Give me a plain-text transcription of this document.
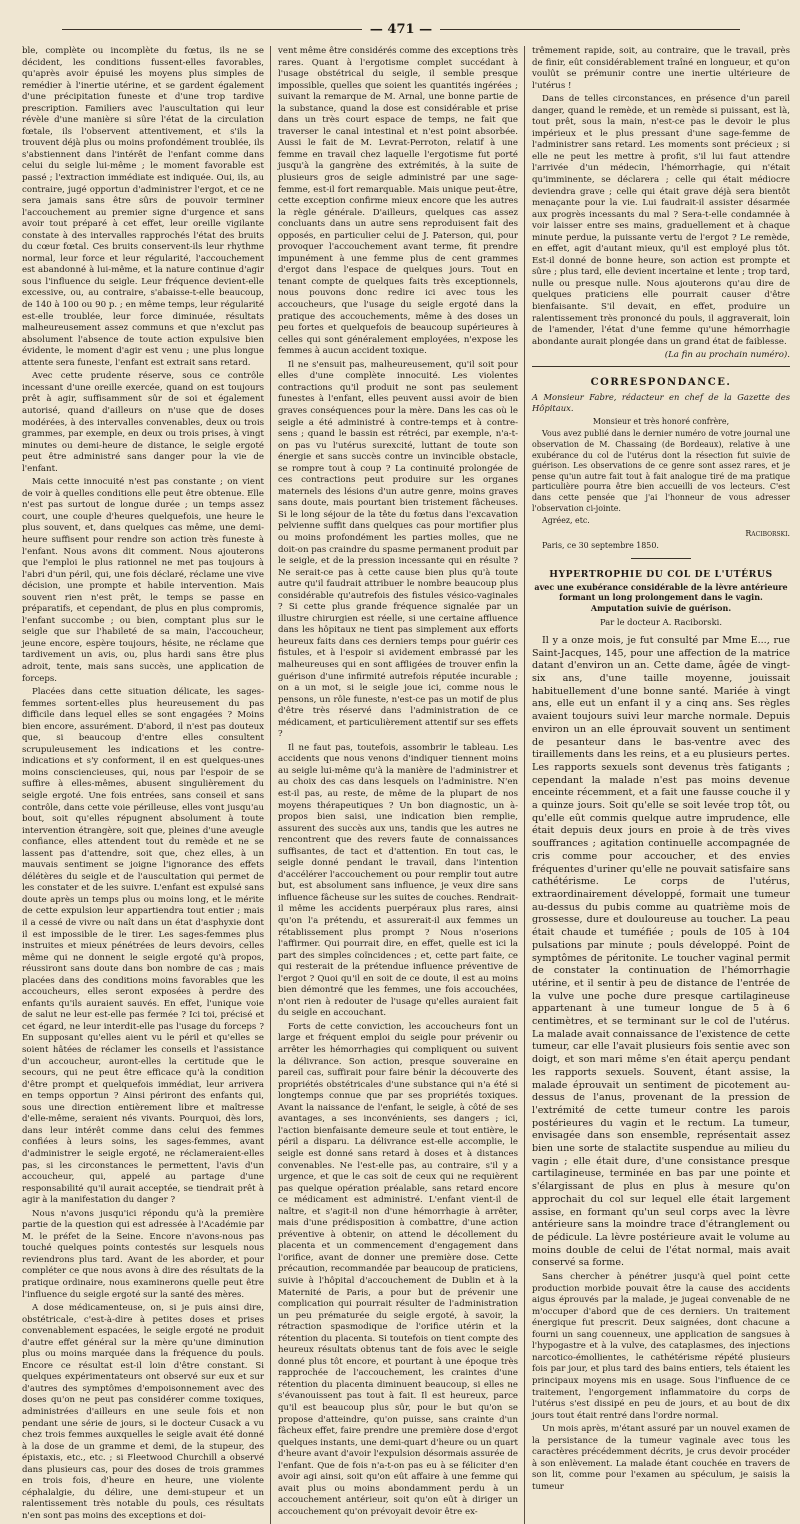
— 471 —

ble, complète ou incomplète du fœtus, ils ne se décident, les conditions fussent-elles favorables, qu'après avoir épuisé les moyens plus simples de remédier à l'inertie utérine, et se gardent également d'une précipitation funeste et d'une trop tardive prescription. Familiers avec l'auscultation qui leur révèle d'une manière si sûre l'état de la circulation fœtale, ils l'observent attentivement, et s'ils la trouvent déjà plus ou moins profondément troublée, ils s'abstiennent dans l'intérêt de l'enfant comme dans celui du seigle lui-même ; le moment favorable est passé ; l'extraction immédiate est indiquée. Oui, ils, au contraire, jugé opportun d'administrer l'ergot, et ce ne sera jamais sans être sûrs de pouvoir terminer l'accouchement au premier signe d'urgence et sans avoir tout préparé à cet effet, leur oreille vigilante constate à des intervalles rapprochés l'état des bruits du cœur fœtal. Ces bruits conservent-ils leur rhythme normal, leur force et leur régularité, l'accouchement est abandonné à lui-même, et la nature continue d'agir sous l'influence du seigle. Leur fréquence devient-elle excessive, ou, au contraire, s'abaisse-t-elle beaucoup, de 140 à 100 ou 90 p. ; en même temps, leur régularité est-elle troublée, leur force diminuée, résultats malheureusement assez communs et que n'exclut pas absolument l'absence de toute action expulsive bien évidente, le moment d'agir est venu ; une plus longue attente sera funeste, l'enfant est extrait sans retard.

Avec cette prudente réserve, sous ce contrôle incessant d'une oreille exercée, quand on est toujours prêt à agir, suffisamment sûr de soi et également autorisé, quand d'ailleurs on n'use que de doses modérées, à des intervalles convenables, deux ou trois grammes, par exemple, en deux ou trois prises, à vingt minutes ou demi-heure de distance, le seigle ergoté peut être administré sans danger pour la vie de l'enfant.

Mais cette innocuité n'est pas constante ; on vient de voir à quelles conditions elle peut être obtenue. Elle n'est pas surtout de longue durée ; un temps assez court, une couple d'heures quelquefois, une heure le plus souvent, et, dans quelques cas même, une demi-heure suffisent pour rendre son action très funeste à l'enfant. Nous avons dit comment. Nous ajouterons que l'emploi le plus rationnel ne met pas toujours à l'abri d'un péril, qui, une fois déclaré, réclame une vive décision, une prompte et habile intervention. Mais souvent rien n'est prêt, le temps se passe en préparatifs, et cependant, de plus en plus compromis, l'enfant succombe ; ou bien, comptant plus sur le seigle que sur l'habileté de sa main, l'accoucheur, jeune encore, espère toujours, hésite, ne réclame que tardivement un avis, ou, plus hardi sans être plus adroit, tente, mais sans succès, une application de forceps.

Placées dans cette situation délicate, les sages-femmes sortent-elles plus heureusement du pas difficile dans lequel elles se sont engagées ? Moins bien encore, assurément. D'abord, il n'est pas douteux que, si beaucoup d'entre elles consultent scrupuleusement les indications et les contre-indications et s'y conforment, il en est quelques-unes moins consciencieuses, qui, nous par l'espoir de se suffire à elles-mêmes, abusent singulièrement du seigle ergoté. Une fois entrées, sans conseil et sans contrôle, dans cette voie périlleuse, elles vont jusqu'au bout, soit qu'elles répugnent absolument à toute intervention étrangère, soit que, pleines d'une aveugle confiance, elles attendent tout du remède et ne se lassent pas d'attendre, soit que, chez elles, à un mauvais sentiment se joigne l'ignorance des effets délétères du seigle et de l'auscultation qui permet de les constater et de les suivre. L'enfant est expulsé sans doute après un temps plus ou moins long, et le mérite de cette expulsion leur appartiendra tout entier ; mais il a cessé de vivre ou naît dans un état d'asphyxie dont il est impossible de le tirer. Les sages-femmes plus instruites et mieux pénétrées de leurs devoirs, celles même qui ne donnent le seigle ergoté qu'à propos, réussiront sans doute dans bon nombre de cas ; mais placées dans des conditions moins favorables que les accoucheurs, elles seront exposées à perdre des enfants qu'ils auraient sauvés. En effet, l'unique voie de salut ne leur est-elle pas fermée ? Ici toi, précisé et cet égard, ne leur interdit-elle pas l'usage du forceps ? En supposant qu'elles aient vu le péril et qu'elles se soient hâtées de réclamer les conseils et l'assistance d'un accoucheur, auront-elles la certitude que le secours, qui ne peut être efficace qu'à la condition d'être prompt et quelquefois immédiat, leur arrivera en temps opportun ? Ainsi périront des enfants qui, sous une direction entièrement libre et maîtresse d'elle-même, seraient nés vivants. Pourquoi, dès lors, dans leur intérêt comme dans celui des femmes confiées à leurs soins, les sages-femmes, avant d'administrer le seigle ergoté, ne réclameraient-elles pas, si les circonstances le permettent, l'avis d'un accoucheur, qui, appelé au partage d'une responsabilité qu'il aurait acceptée, se tiendrait prêt à agir à la manifestation du danger ?

Nous n'avons jusqu'ici répondu qu'à la première partie de la question qui est adressée à l'Académie par M. le préfet de la Seine. Encore n'avons-nous pas touché quelques points contestés sur lesquels nous reviendrons plus tard. Avant de les aborder, et pour compléter ce que nous avons à dire des résultats de la pratique ordinaire, nous examinerons quelle peut être l'influence du seigle ergoté sur la santé des mères.

A dose médicamenteuse, on, si je puis ainsi dire, obstétricale, c'est-à-dire à petites doses et prises convenablement espacées, le seigle ergoté ne produit d'autre effet général sur la mère qu'une diminution plus ou moins marquée dans la fréquence du pouls. Encore ce résultat est-il loin d'être constant. Si quelques expérimentateurs ont observé sur eux et sur d'autres des symptômes d'empoisonnement avec des doses qu'on ne peut pas considérer comme toxiques, administrées d'ailleurs en une seule fois et non pendant une série de jours, si le docteur Cusack a vu chez trois femmes auxquelles le seigle avait été donné à la dose de un gramme et demi, de la stupeur, des épistaxis, etc., etc. ; si Fleetwood Churchill a observé dans plusieurs cas, pour des doses de trois grammes en trois fois, d'heure en heure, une violente céphalalgie, du délire, une demi-stupeur et un ralentissement très notable du pouls, ces résultats n'en sont pas moins des exceptions et doi-

vent même être considérés comme des exceptions très rares. Quant à l'ergotisme complet succédant à l'usage obstétrical du seigle, il semble presque impossible, quelles que soient les quantités ingérées ; suivant la remarque de M. Arnal, une bonne partie de la substance, quand la dose est considérable et prise dans un très court espace de temps, ne fait que traverser le canal intestinal et n'est point absorbée. Aussi le fait de M. Levrat-Perroton, relatif à une femme en travail chez laquelle l'ergotisme fut porté jusqu'à la gangrène des extrémités, à la suite de plusieurs gros de seigle administré par une sage-femme, est-il fort remarquable. Mais unique peut-être, cette exception confirme mieux encore que les autres la règle générale. D'ailleurs, quelques cas assez concluants dans un autre sens reproduisent fait des opposés, en particulier celui de J. Paterson, qui, pour provoquer l'accouchement avant terme, fit prendre impunément à une femme plus de cent grammes d'ergot dans l'espace de quelques jours. Tout en tenant compte de quelques faits très exceptionnels, nous pouvons donc redire ici avec tous les accoucheurs, que l'usage du seigle ergoté dans la pratique des accouchements, même à des doses un peu fortes et quelquefois de beaucoup supérieures à celles qui sont généralement employées, n'expose les femmes à aucun accident toxique.

Il ne s'ensuit pas, malheureusement, qu'il soit pour elles d'une complète innocuité. Les violentes contractions qu'il produit ne sont pas seulement funestes à l'enfant, elles peuvent aussi avoir de bien graves conséquences pour la mère. Dans les cas où le seigle a été administré à contre-temps et à contre-sens ; quand le bassin est rétréci, par exemple, n'a-t-on pas vu l'utérus surexcité, luttant de toute son énergie et sans succès contre un invincible obstacle, se rompre tout à coup ? La continuité prolongée de ces contractions peut produire sur les organes maternels des lésions d'un autre genre, moins graves sans doute, mais pourtant bien tristement fâcheuses. Si le long séjour de la tête du fœtus dans l'excavation pelvienne suffit dans quelques cas pour mortifier plus ou moins profondément les parties molles, que ne doit-on pas craindre du spasme permanent produit par le seigle, et de la pression incessante qui en résulte ? Ne serait-ce pas à cette cause bien plus qu'à toute autre qu'il faudrait attribuer le nombre beaucoup plus considérable qu'autrefois des fistules vésico-vaginales ? Si cette plus grande fréquence signalée par un illustre chirurgien est réelle, si une certaine affluence dans les hôpitaux ne tient pas simplement aux efforts heureux faits dans ces derniers temps pour guérir ces fistules, et à l'espoir si avidement embrassé par les malheureuses qui en sont affligées de trouver enfin la guérison d'une infirmité autrefois réputée incurable ; on a un mot, si le seigle joue ici, comme nous le pensons, un rôle funeste, n'est-ce pas un motif de plus d'être très réservé dans l'administration de ce médicament, et particulièrement attentif sur ses effets ?

Il ne faut pas, toutefois, assombrir le tableau. Les accidents que nous venons d'indiquer tiennent moins au seigle lui-même qu'à la manière de l'administrer et au choix des cas dans lesquels on l'administre. N'en est-il pas, au reste, de même de la plupart de nos moyens thérapeutiques ? Un bon diagnostic, un à-propos bien saisi, une indication bien remplie, assurent des succès aux uns, tandis que les autres ne rencontrent que des revers faute de connaissances suffisantes, de tact et d'attention. En tout cas, le seigle donné pendant le travail, dans l'intention d'accélérer l'accouchement ou pour remplir tout autre but, est absolument sans influence, je veux dire sans influence fâcheuse sur les suites de couches. Rendrait-il même les accidents puerpéraux plus rares, ainsi qu'on l'a prétendu, et assurerait-il aux femmes un rétablissement plus prompt ? Nous n'oserions l'affirmer. Qui pourrait dire, en effet, quelle est ici la part des simples coïncidences ; et, cette part faite, ce qui resterait de la prétendue influence préventive de l'ergot ? Quoi qu'il en soit de ce doute, il est au moins bien démontré que les femmes, une fois accouchées, n'ont rien à redouter de l'usage qu'elles auraient fait du seigle en accouchant.

Forts de cette conviction, les accoucheurs font un large et fréquent emploi du seigle pour prévenir ou arrêter les hémorrhagies qui compliquent ou suivent la délivrance. Son action, presque souveraine en pareil cas, suffirait pour faire bénir la découverte des propriétés obstétricales d'une substance qui n'a été si longtemps connue que par ses propriétés toxiques. Avant la naissance de l'enfant, le seigle, à côté de ses avantages, a ses inconvénients, ses dangers ; ici, l'action bienfaisante demeure seule et tout entière, le péril a disparu. La délivrance est-elle accomplie, le seigle est donné sans retard à doses et à distances convenables. Ne l'est-elle pas, au contraire, s'il y a urgence, et que le cas soit de ceux qui ne requièrent pas quelque opération préalable, sans retard encore ce médicament est administré. L'enfant vient-il de naître, et s'agit-il non d'une hémorrhagie à arrêter, mais d'une prédisposition à combattre, d'une action préventive à obtenir, on attend le décollement du placenta et un commencement d'engagement dans l'orifice, avant de donner une première dose. Cette précaution, recommandée par beaucoup de praticiens, suivie à l'hôpital d'accouchement de Dublin et à la Maternité de Paris, a pour but de prévenir une complication qui pourrait résulter de l'administration un peu prématurée du seigle ergoté, à savoir, la rétraction spasmodique de l'orifice utérin et la rétention du placenta. Si toutefois on tient compte des heureux résultats obtenus tant de fois avec le seigle donné plus tôt encore, et pourtant à une époque très rapprochée de l'accouchement, les craintes d'une rétention du placenta diminuent beaucoup, si elles ne s'évanouissent pas tout à fait. Il est heureux, parce qu'il est beaucoup plus sûr, pour le but qu'on se propose d'atteindre, qu'on puisse, sans crainte d'un fâcheux effet, faire prendre une première dose d'ergot quelques instants, une demi-quart d'heure ou un quart d'heure avant d'avoir l'expulsion désormais assurée de l'enfant. Que de fois n'a-t-on pas eu à se féliciter d'en avoir agi ainsi, soit qu'on eût affaire à une femme qui avait plus ou moins abondamment perdu à un accouchement antérieur, soit qu'on eût à diriger un accouchement qu'on prévoyait devoir être ex-

trêmement rapide, soit, au contraire, que le travail, près de finir, eût considérablement traîné en longueur, et qu'on voulût se prémunir contre une inertie ultérieure de l'utérus !

Dans de telles circonstances, en présence d'un pareil danger, quand le remède, et un remède si puissant, est là, tout prêt, sous la main, n'est-ce pas le devoir le plus impérieux et le plus pressant d'une sage-femme de l'administrer sans retard. Les moments sont précieux ; si elle ne peut les mettre à profit, s'il lui faut attendre l'arrivée d'un médecin, l'hémorrhagie, qui n'était qu'imminente, se déclarera ; celle qui était médiocre deviendra grave ; celle qui était grave déjà sera bientôt menaçante pour la vie. Lui faudrait-il assister désarmée aux progrès incessants du mal ? Sera-t-elle condamnée à voir laisser entre ses mains, graduellement et à chaque minute perdue, la puissante vertu de l'ergot ? Le remède, en effet, agit d'autant mieux, qu'il est employé plus tôt. Est-il donné de bonne heure, son action est prompte et sûre ; plus tard, elle devient incertaine et lente ; trop tard, nulle ou presque nulle. Nous ajouterons qu'au dire de quelques praticiens elle pourrait causer d'être bienfaisante. S'il devait, en effet, produire un ralentissement très prononcé du pouls, il aggraverait, loin de l'amender, l'état d'une femme qu'une hémorrhagie abondante aurait plongée dans un grand état de faiblesse.

(La fin au prochain numéro).

CORRESPONDANCE.

A Monsieur Fabre, rédacteur en chef de la Gazette des Hôpitaux.

Monsieur et très honoré confrère,

Vous avez publié dans le dernier numéro de votre journal une observation de M. Chassaing (de Bordeaux), relative à une exubérance du col de l'utérus dont la résection fut suivie de guérison. Les observations de ce genre sont assez rares, et je pense qu'un autre fait tout à fait analogue tiré de ma pratique particulière pourra être bien accueilli de vos lecteurs. C'est dans cette pensée que j'ai l'honneur de vous adresser l'observation ci-jointe.

Agréez, etc.

Raciborski.

Paris, ce 30 septembre 1850.

HYPERTROPHIE DU COL DE L'UTÉRUS
avec une exubérance considérable de la lèvre antérieure formant un long prolongement dans le vagin. Amputation suivie de guérison.

Par le docteur A. Raciborski.

Il y a onze mois, je fut consulté par Mme E..., rue Saint-Jacques, 145, pour une affection de la matrice datant d'environ un an. Cette dame, âgée de vingt-six ans, d'une taille moyenne, jouissait habituellement d'une bonne santé. Mariée à vingt ans, elle eut un enfant il y a cinq ans. Ses règles avaient toujours suivi leur marche normale. Depuis environ un an elle éprouvait souvent un sentiment de pesanteur dans le bas-ventre avec des tiraillements dans les reins, et a eu plusieurs pertes. Les rapports sexuels sont devenus très fatigants ; cependant la malade n'est pas moins devenue enceinte récemment, et a fait une fausse couche il y a quinze jours. Soit qu'elle se soit levée trop tôt, ou qu'elle eût commis quelque autre imprudence, elle était depuis deux jours en proie à de très vives souffrances ; agitation continuelle accompagnée de cris comme pour accoucher, et des envies fréquentes d'uriner qu'elle ne pouvait satisfaire sans cathétérisme. Le corps de l'utérus, extraordinairement développé, formait une tumeur au-dessus du pubis comme au quatrième mois de grossesse, dure et douloureuse au toucher. La peau était chaude et tuméfiée ; pouls de 105 à 104 pulsations par minute ; pouls développé. Point de symptômes de péritonite. Le toucher vaginal permit de constater la continuation de l'hémorrhagie utérine, et il sentir à peu de distance de l'entrée de la vulve une poche dure presque cartilagineuse appartenant à une tumeur longue de 5 à 6 centimètres, et se terminant sur le col de l'utérus. La malade avait connaissance de l'existence de cette tumeur, car elle l'avait plusieurs fois sentie avec son doigt, et son mari même s'en était aperçu pendant les rapports sexuels. Souvent, étant assise, la malade éprouvait un sentiment de picotement au-dessus de l'anus, provenant de la pression de l'extrémité de cette tumeur contre les parois postérieures du vagin et le rectum. La tumeur, envisagée dans son ensemble, représentait assez bien une sorte de stalactite suspendue au milieu du vagin ; elle était dure, d'une consistance presque cartilagineuse, terminée en bas par une pointe et s'élargissant de plus en plus à mesure qu'on approchait du col sur lequel elle était largement assise, en formant qu'un seul corps avec la lèvre antérieure sans la moindre trace d'étranglement ou de pédicule. La lèvre postérieure avait le volume au moins double de celui de l'état normal, mais avait conservé sa forme.

Sans chercher à pénétrer jusqu'à quel point cette production morbide pouvait être la cause des accidents aigus éprouvés par la malade, je jugeai convenable de ne m'occuper d'abord que de ces derniers. Un traitement énergique fut prescrit. Deux saignées, dont chacune a fourni un sang couenneux, une application de sangsues à l'hypogastre et à la vulve, des cataplasmes, des injections narcotico-émollientes, le cathétérisme répété plusieurs fois par jour, et plus tard des bains entiers, tels étaient les principaux moyens mis en usage. Sous l'influence de ce traitement, l'engorgement inflammatoire du corps de l'utérus s'est dissipé en peu de jours, et au bout de dix jours tout était rentré dans l'ordre normal.

Un mois après, m'étant assuré par un nouvel examen de la persistance de la tumeur vaginale avec tous les caractères précédemment décrits, je crus devoir procéder à son enlèvement. La malade étant couchée en travers de son lit, comme pour l'examen au spéculum, je saisis la tumeur
